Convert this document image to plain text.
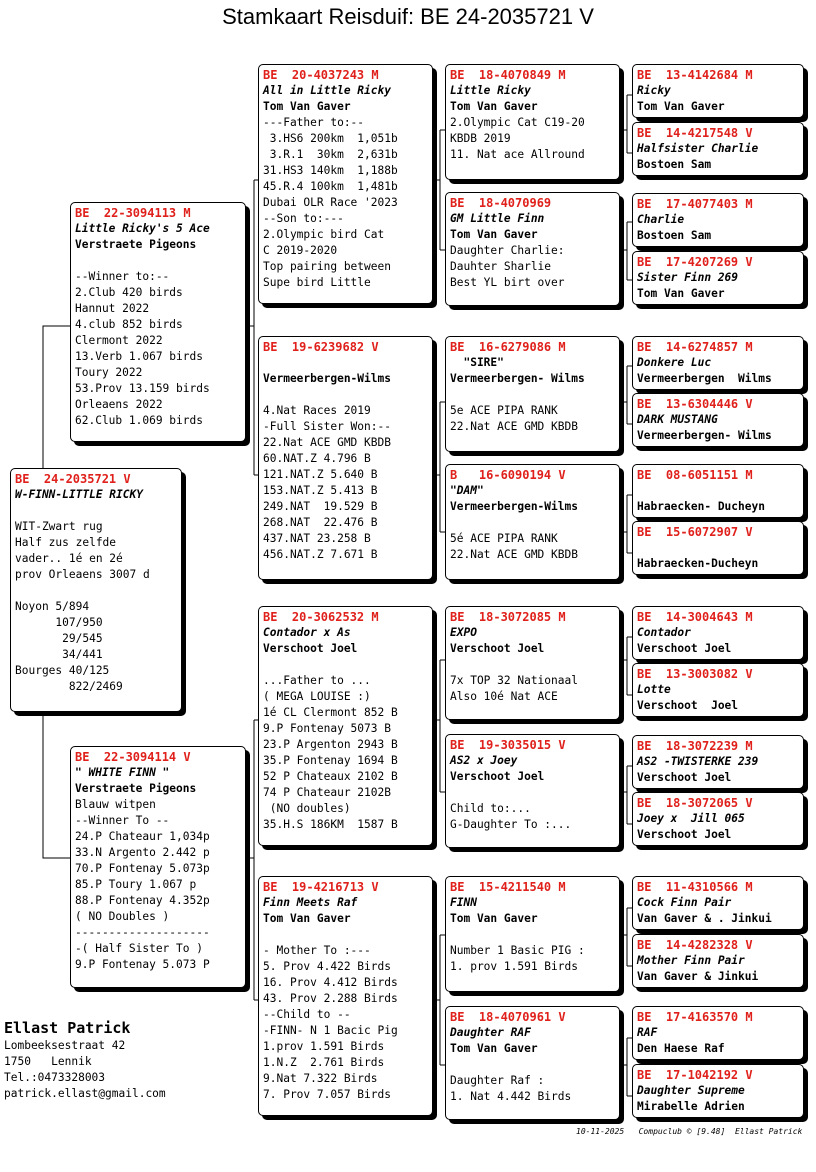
Stamkaart Reisduif: BE 24-2035721 V
BE  24-2035721 V
W-FINN-LITTLE RICKY

WIT-Zwart rug
Half zus zelfde
vader.. 1é en 2é
prov Orleaens 3007 d

Noyon 5/894
107/950
29/545
34/441
Bourges 40/125
822/2469
BE  22-3094113 M
Little Ricky's 5 Ace
Verstraete Pigeons

--Winner to:--
2.Club 420 birds
Hannut 2022
4.club 852 birds
Clermont 2022
13.Verb 1.067 birds
Toury 2022
53.Prov 13.159 birds
Orleaens 2022
62.Club 1.069 birds
BE  22-3094114 V
" WHITE FINN "
Verstraete Pigeons
Blauw witpen
--Winner To --
24.P Chateaur 1,034p
33.N Argento 2.442 p
70.P Fontenay 5.073p
85.P Toury 1.067 p
88.P Fontenay 4.352p
( NO Doubles )
--------------------
-( Half Sister To )
9.P Fontenay 5.073 P
BE  20-4037243 M
All in Little Ricky
Tom Van Gaver
---Father to:--
3.HS6 200km  1,051b
3.R.1  30km  2,631b
31.HS3 140km  1,188b
45.R.4 100km  1,481b
Dubai OLR Race '2023
--Son to:---
2.Olympic bird Cat
C 2019-2020
Top pairing between
Supe bird Little
BE  19-6239682 V

Vermeerbergen-Wilms

4.Nat Races 2019
-Full Sister Won:--
22.Nat ACE GMD KBDB
60.NAT.Z 4.796 B
121.NAT.Z 5.640 B
153.NAT.Z 5.413 B
249.NAT  19.529 B
268.NAT  22.476 B
437.NAT 23.258 B
456.NAT.Z 7.671 B
BE  20-3062532 M
Contador x As
Verschoot Joel

...Father to ...
( MEGA LOUISE :)
1é CL Clermont 852 B
9.P Fontenay 5073 B
23.P Argenton 2943 B
35.P Fontenay 1694 B
52 P Chateaux 2102 B
74 P Chateaur 2102B
(NO doubles)
35.H.S 186KM  1587 B
BE  19-4216713 V
Finn Meets Raf
Tom Van Gaver

- Mother To :---
5. Prov 4.422 Birds
16. Prov 4.412 Birds
43. Prov 2.288 Birds
--Child to --
-FINN- N 1 Bacic Pig
1.prov 1.591 Birds
1.N.Z  2.761 Birds
9.Nat 7.322 Birds
7. Prov 7.057 Birds
BE  18-4070849 M
Little Ricky
Tom Van Gaver
2.Olympic Cat C19-20
KBDB 2019
11. Nat ace Allround
BE  18-4070969
GM Little Finn
Tom Van Gaver
Daughter Charlie:
Dauhter Sharlie
Best YL birt over
BE  16-6279086 M
"SIRE"
Vermeerbergen- Wilms

5e ACE PIPA RANK
22.Nat ACE GMD KBDB
B   16-6090194 V
"DAM"
Vermeerbergen-Wilms

5é ACE PIPA RANK
22.Nat ACE GMD KBDB
BE  18-3072085 M
EXPO
Verschoot Joel

7x TOP 32 Nationaal
Also 10é Nat ACE
BE  19-3035015 V
AS2 x Joey
Verschoot Joel

Child to:...
G-Daughter To :...
BE  15-4211540 M
FINN
Tom Van Gaver

Number 1 Basic PIG :
1. prov 1.591 Birds
BE  18-4070961 V
Daughter RAF
Tom Van Gaver

Daughter Raf :
1. Nat 4.442 Birds
BE  13-4142684 M
Ricky
Tom Van Gaver
BE  14-4217548 V
Halfsister Charlie
Bostoen Sam
BE  17-4077403 M
Charlie
Bostoen Sam
BE  17-4207269 V
Sister Finn 269
Tom Van Gaver
BE  14-6274857 M
Donkere Luc
Vermeerbergen  Wilms
BE  13-6304446 V
DARK MUSTANG
Vermeerbergen- Wilms
BE  08-6051151 M

Habraecken- Ducheyn
BE  15-6072907 V

Habraecken-Ducheyn
BE  14-3004643 M
Contador
Verschoot Joel
BE  13-3003082 V
Lotte
Verschoot  Joel
BE  18-3072239 M
AS2 -TWISTERKE 239
Verschoot Joel
BE  18-3072065 V
Joey x  Jill 065
Verschoot Joel
BE  11-4310566 M
Cock Finn Pair
Van Gaver & . Jinkui
BE  14-4282328 V
Mother Finn Pair
Van Gaver & Jinkui
BE  17-4163570 M
RAF
Den Haese Raf
BE  17-1042192 V
Daughter Supreme
Mirabelle Adrien
Ellast Patrick
Lombeeksestraat 42
1750   Lennik
Tel.:0473328003
patrick.ellast@gmail.com
10-11-2025   Compuclub © [9.48]  Ellast Patrick
